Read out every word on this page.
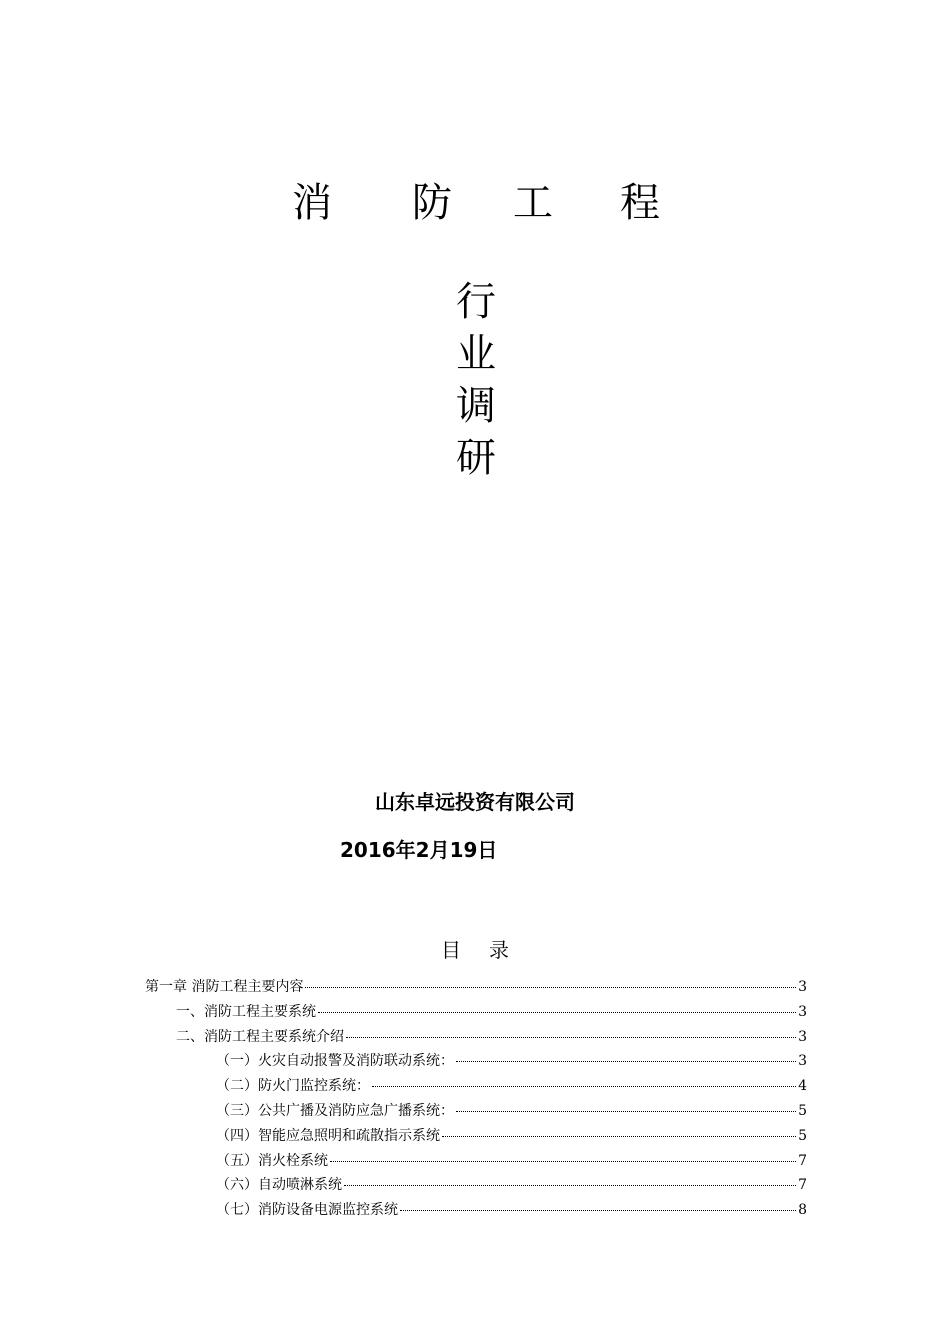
消 防 工 程
行
业
调
研
山东卓远投资有限公司
2016年2月19日
目录
第一章 消防工程主要内容	3
一、消防工程主要系统	3
二、消防工程主要系统介绍	3
（一）火灾自动报警及消防联动系统：	3
（二）防火门监控系统：	4
（三）公共广播及消防应急广播系统：	5
（四）智能应急照明和疏散指示系统	5
（五）消火栓系统	7
（六）自动喷淋系统	7
（七）消防设备电源监控系统	8
